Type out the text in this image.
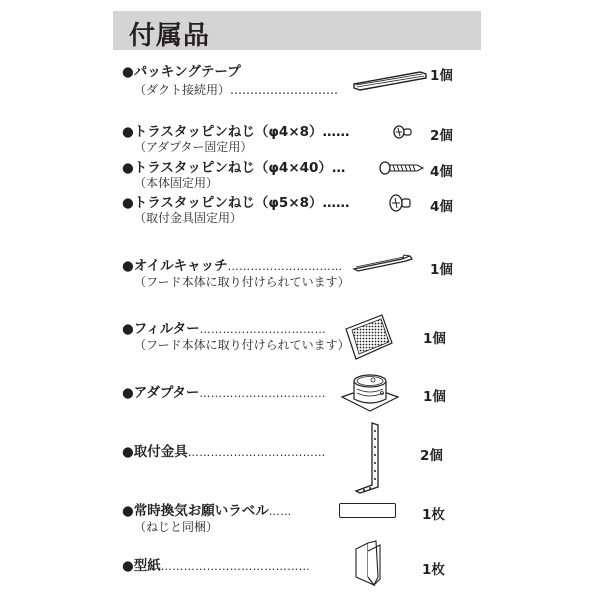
付属品
●パッキングテープ
（ダクト接続用）………………………
1個
●トラスタッピンねじ（φ4×8）……
（アダプター固定用）
2個
●トラスタッピンねじ（φ4×40）…
（本体固定用）
4個
●トラスタッピンねじ（φ5×8）……
（取付金具固定用）
4個
●オイルキャッチ…………………………
（フード本体に取り付けられています）
1個
●フィルター……………………………
（フード本体に取り付けられています）	1個
●アダプター……………………………	1個
●取付金具………………………………	2個
●常時換気お願いラベル……
（ねじと同梱）
1枚
●型紙…………………………………	1枚
